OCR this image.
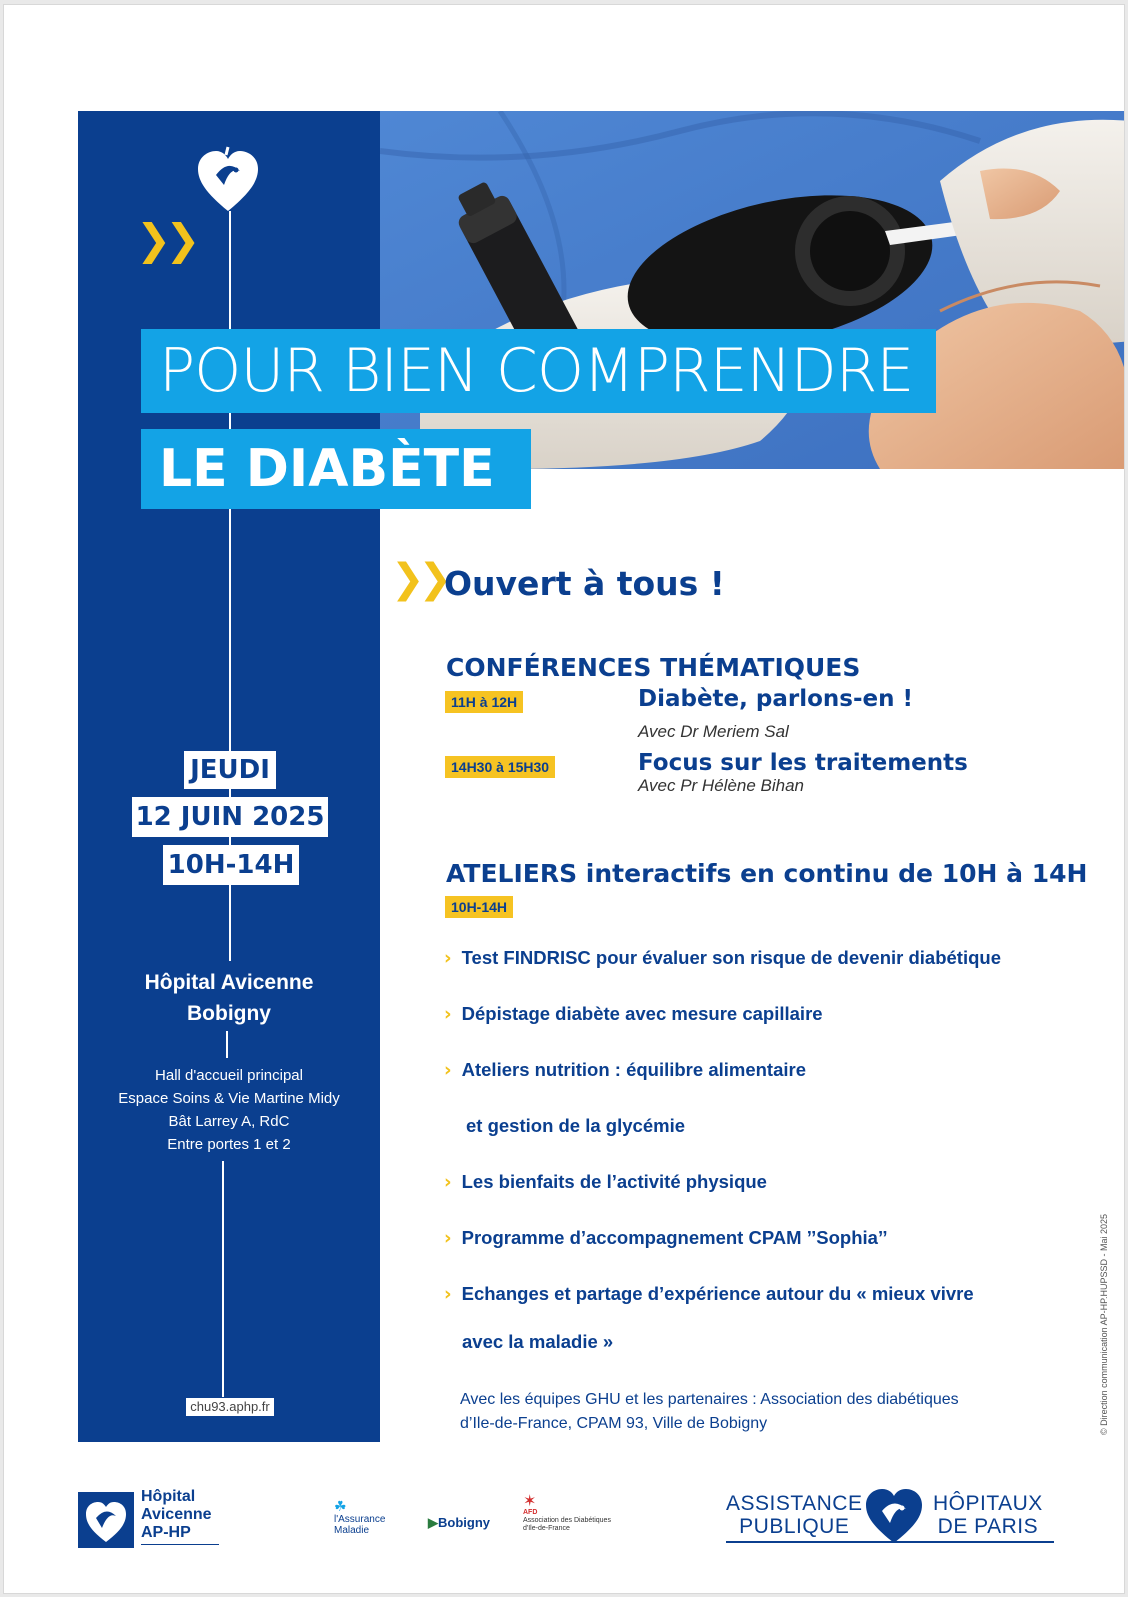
❯❯
POUR BIEN COMPRENDRE
LE DIABÈTE
JEUDI
12 JUIN 2025
10H-14H
Hôpital Avicenne
Bobigny
Hall d'accueil principal
Espace Soins & Vie Martine Midy
Bât Larrey A, RdC
Entre portes 1 et 2
chu93.aphp.fr
❯❯
Ouvert à tous !
CONFÉRENCES THÉMATIQUES
11H à 12H	Diabète, parlons-en !
Avec Dr Meriem Sal
14H30 à 15H30	Focus sur les traitements
Avec Pr Hélène Bihan
ATELIERS interactifs en continu de 10H à 14H
10H-14H
› Test FINDRISC pour évaluer son risque de devenir diabétique
› Dépistage diabète avec mesure capillaire
› Ateliers nutrition : équilibre alimentaire
et gestion de la glycémie
› Les bienfaits de l’activité physique
› Programme d’accompagnement CPAM ’’Sophia’’
› Echanges et partage d’expérience autour du « mieux vivre
avec la maladie »
Avec les équipes GHU et les partenaires : Association des diabétiques
d’Ile-de-France, CPAM 93, Ville de Bobigny	© Direction communication AP-HP.HUPSSD - Mai 2025
Hôpital
Avicenne
AP-HP
☘
l'Assurance
Maladie
▶Bobigny
✶
AFD
Association des Diabétiques
d'Ile-de-France
ASSISTANCE
PUBLIQUE
HÔPITAUX
DE PARIS
